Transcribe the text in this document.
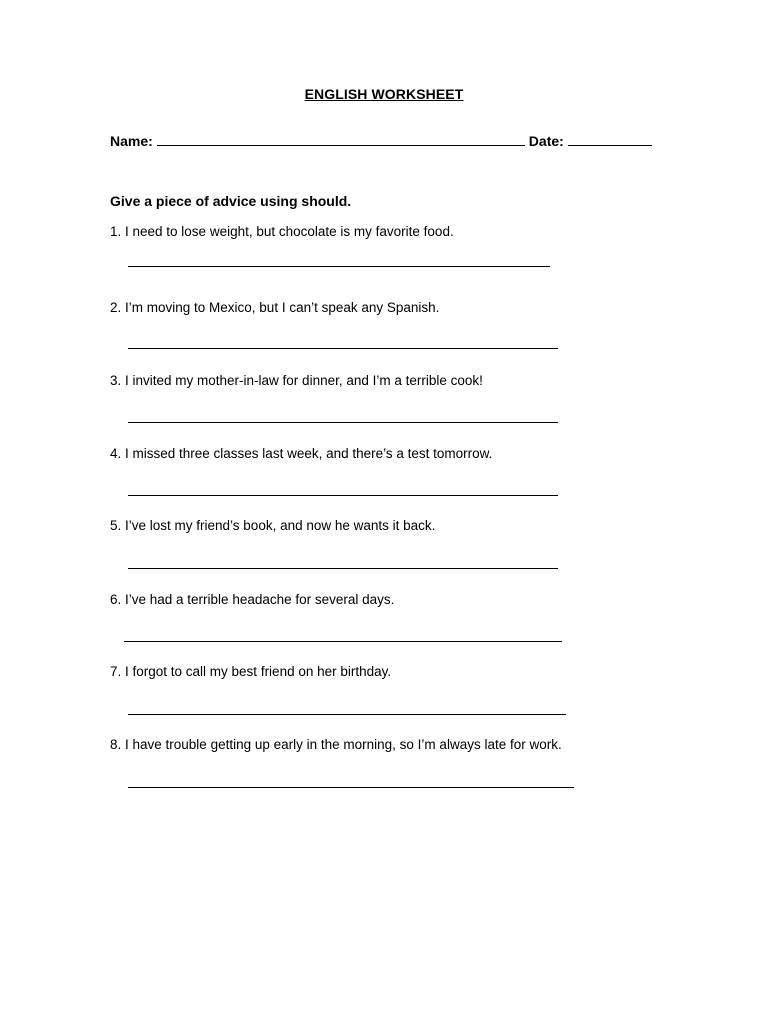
ENGLISH WORKSHEET
Name:	Date:
Give a piece of advice using should.
1. I need to lose weight, but chocolate is my favorite food.
2. I’m moving to Mexico, but I can’t speak any Spanish.
3. I invited my mother-in-law for dinner, and I’m a terrible cook!
4. I missed three classes last week, and there’s a test tomorrow.
5. I’ve lost my friend’s book, and now he wants it back.
6. I’ve had a terrible headache for several days.
7. I forgot to call my best friend on her birthday.
8. I have trouble getting up early in the morning, so I’m always late for work.
